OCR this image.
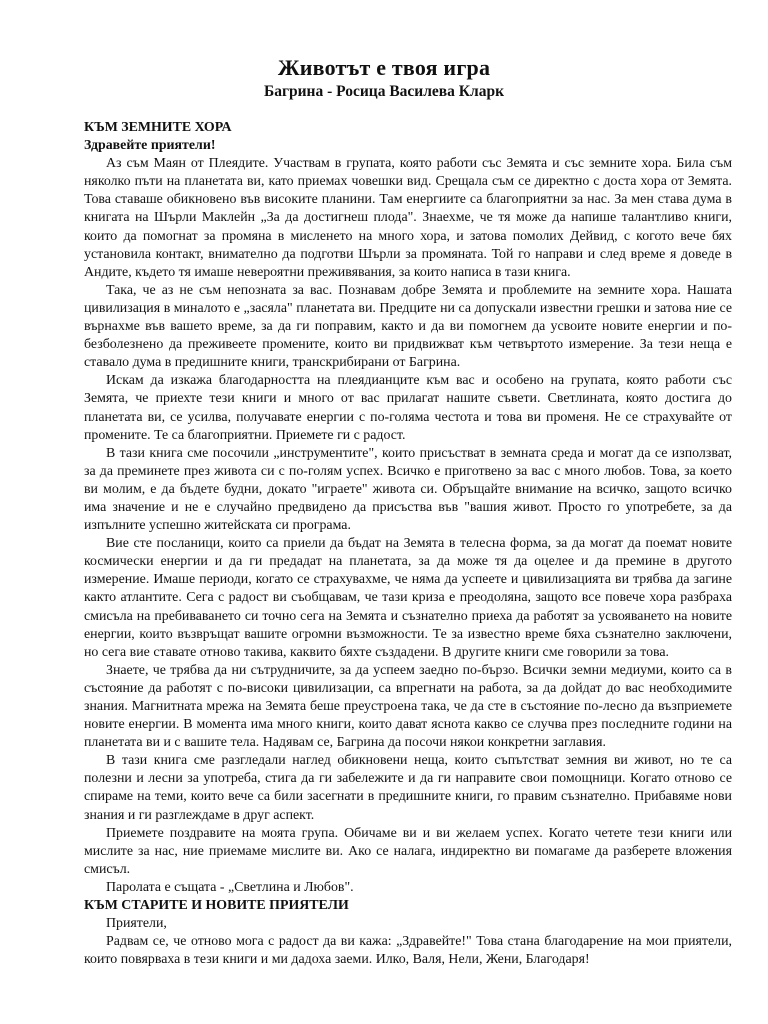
Животът е твоя игра
Багрина - Росица Василева Кларк

КЪМ ЗЕМНИТЕ ХОРА

Здравейте приятели!

Аз съм Маян от Плеядите. Участвам в групата, която работи със Земята и със земните хора. Била съм няколко пъти на планетата ви, като приемах човешки вид. Срещала съм се директно с доста хора от Земята. Това ставаше обикновено във високите планини. Там енергиите са благоприятни за нас. За мен става дума в книгата на Шърли Маклейн „За да достигнеш плода". Знаехме, че тя може да напише талантливо книги, които да помогнат за промяна в мисленето на много хора, и затова помолих Дейвид, с когото вече бях установила контакт, внимателно да подготви Шърли за промяната. Той го направи и след време я доведе в Андите, където тя имаше невероятни преживявания, за които написа в тази книга.

Така, че аз не съм непозната за вас. Познавам добре Земята и проблемите на земните хора. Нашата цивилизация в миналото е „засяла" планетата ви. Предците ни са допускали известни грешки и затова ние се върнахме във вашето време, за да ги поправим, както и да ви помогнем да усвоите новите енергии и по-безболезнено да преживеете промените, които ви придвижват към четвъртото измерение. За тези неща е ставало дума в предишните книги, транскрибирани от Багрина.

Искам да изкажа благодарността на плеядианците към вас и особено на групата, която работи със Земята, че приехте тези книги и много от вас прилагат нашите съвети. Светлината, която достига до планетата ви, се усилва, получавате енергии с по-голяма честота и това ви променя. Не се страхувайте от промените. Те са благоприятни. Приемете ги с радост.

В тази книга сме посочили „инструментите", които присъстват в земната среда и могат да се използват, за да преминете през живота си с по-голям успех. Всичко е приготвено за вас с много любов. Това, за което ви молим, е да бъдете будни, докато "играете" живота си. Обръщайте внимание на всичко, защото всичко има значение и не е случайно предвидено да присъства във "вашия живот. Просто го употребете, за да изпълните успешно житейската си програма.

Вие сте посланици, които са приели да бъдат на Земята в телесна форма, за да могат да поемат новите космически енергии и да ги предадат на планетата, за да може тя да оцелее и да премине в другото измерение. Имаше периоди, когато се страхувахме, че няма да успеете и цивилизацията ви трябва да загине както атлантите. Сега с радост ви съобщавам, че тази криза е преодоляна, защото все повече хора разбраха смисъла на пребиваването си точно сега на Земята и съзнателно приеха да работят за усвояването на новите енергии, които възвръщат вашите огромни възможности. Те за известно време бяха съзнателно заключени, но сега вие ставате отново такива, каквито бяхте създадени. В другите книги сме говорили за това.

Знаете, че трябва да ни сътрудничите, за да успеем заедно по-бързо. Всички земни медиуми, които са в състояние да работят с по-високи цивилизации, са впрегнати на работа, за да дойдат до вас необходимите знания. Магнитната мрежа на Земята беше преустроена така, че да сте в състояние по-лесно да възприемете новите енергии. В момента има много книги, които дават яснота какво се случва през последните години на планетата ви и с вашите тела. Надявам се, Багрина да посочи някои конкретни заглавия.

В тази книга сме разгледали наглед обикновени неща, които съпътстват земния ви живот, но те са полезни и лесни за употреба, стига да ги забележите и да ги направите свои помощници. Когато отново се спираме на теми, които вече са били засегнати в предишните книги, го правим съзнателно. Прибавяме нови знания и ги разглеждаме в друг аспект.

Приемете поздравите на моята група. Обичаме ви и ви желаем успех. Когато четете тези книги или мислите за нас, ние приемаме мислите ви. Ако се налага, индиректно ви помагаме да разберете вложения смисъл.

Паролата е същата - „Светлина и Любов".

КЪМ СТАРИТЕ И НОВИТЕ ПРИЯТЕЛИ

Приятели,

Радвам се, че отново мога с радост да ви кажа: „Здравейте!" Това стана благодарение на мои приятели, които повярваха в тези книги и ми дадоха заеми. Илко, Валя, Нели, Жени, Благодаря!
